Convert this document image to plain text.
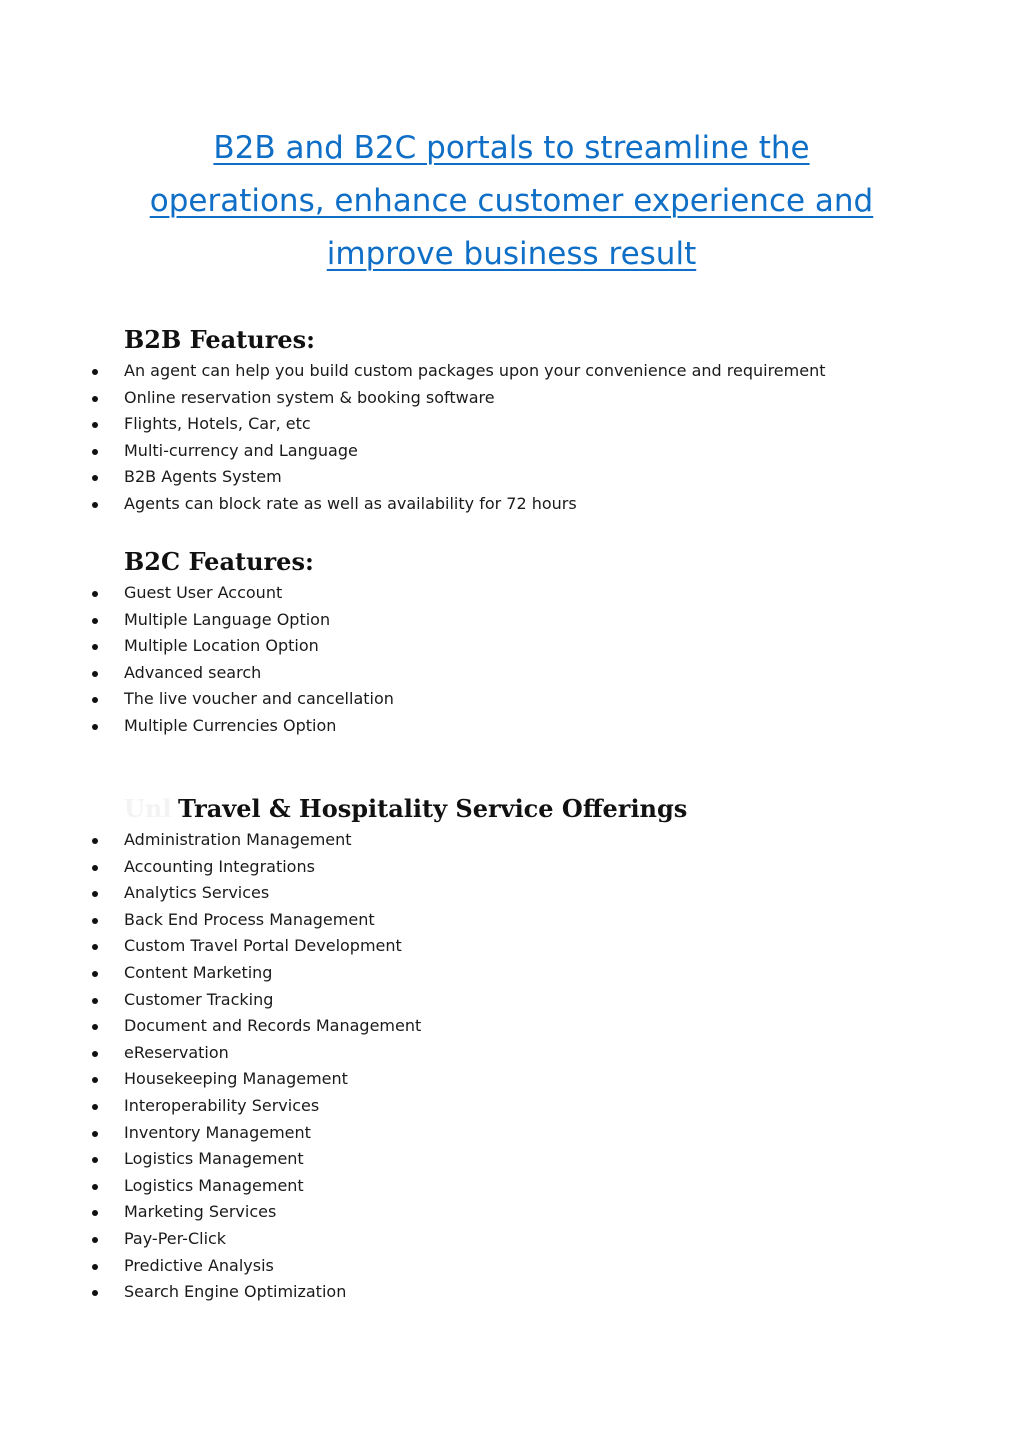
B2B and B2C portals to streamline the
operations, enhance customer experience and
improve business result
B2B Features:
An agent can help you build custom packages upon your convenience and requirement
Online reservation system & booking software
Flights, Hotels, Car, etc
Multi-currency and Language
B2B Agents System
Agents can block rate as well as availability for 72 hours
B2C Features:
Guest User Account
Multiple Language Option
Multiple Location Option
Advanced search
The live voucher and cancellation
Multiple Currencies Option
Unl Travel & Hospitality Service Offerings
Administration Management
Accounting Integrations
Analytics Services
Back End Process Management
Custom Travel Portal Development
Content Marketing
Customer Tracking
Document and Records Management
eReservation
Housekeeping Management
Interoperability Services
Inventory Management
Logistics Management
Logistics Management
Marketing Services
Pay-Per-Click
Predictive Analysis
Search Engine Optimization
